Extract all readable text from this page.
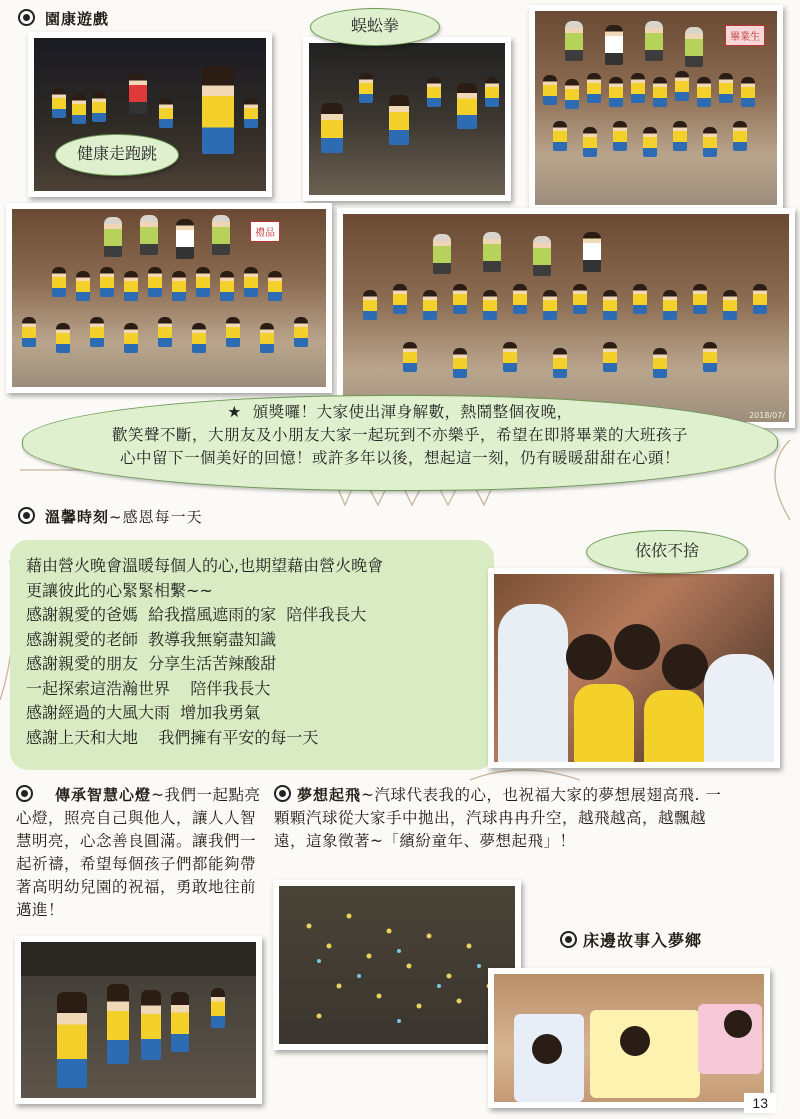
園康遊戲
健康走跑跳
蜈蚣拳
畢業生
禮品
2018/07/
★ 頒獎囉！大家使出渾身解數，熱鬧整個夜晚，
歡笑聲不斷，大朋友及小朋友大家一起玩到不亦樂乎，希望在即將畢業的大班孩子
心中留下一個美好的回憶！或許多年以後，想起這一刻，仍有暖暖甜甜在心頭！
溫馨時刻~感恩每一天
藉由營火晚會溫暖每個人的心,也期望藉由營火晚會
更讓彼此的心緊緊相繫~~
感謝親愛的爸媽  給我擋風遮雨的家  陪伴我長大
感謝親愛的老師  教導我無窮盡知識
感謝親愛的朋友  分享生活苦辣酸甜
一起探索這浩瀚世界    陪伴我長大
感謝經過的大風大雨  增加我勇氣
感謝上天和大地    我們擁有平安的每一天
依依不捨
傳承智慧心燈~我們一起點亮心燈，照亮自己與他人，讓人人智慧明亮，心念善良圓滿。讓我們一起祈禱，希望每個孩子們都能夠帶著高明幼兒園的祝福，勇敢地往前邁進！
夢想起飛~汽球代表我的心，也祝福大家的夢想展翅高飛. 一顆顆汽球從大家手中拋出，汽球冉冉升空，越飛越高，越飄越遠，這象徵著~「繽紛童年、夢想起飛」！
床邊故事入夢鄉
13
